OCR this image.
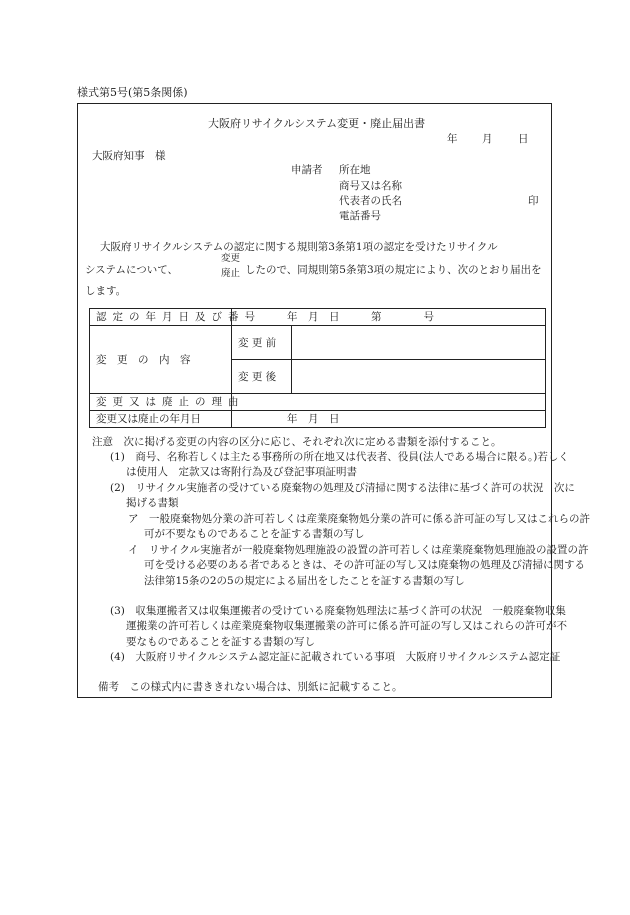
様式第5号(第5条関係)
大阪府リサイクルシステム変更・廃止届出書
年 月 日
大阪府知事　様
申請者 所在地
商号又は名称
代表者の氏名	印
電話番号
大阪府リサイクルシステムの認定に関する規則第3条第1項の認定を受けたリサイクル
システムについて、
変更
廃止 したので、同規則第5条第3項の規定により、次のとおり届出を
します。
認定の年月日及び番号	年　月　日　　　第　　　　号	
変　更　の　内　容	変 更 前	
	変 更 後	
変更又は廃止の理由		
変更又は廃止の年月日	年　月　日	
注意　次に掲げる変更の内容の区分に応じ、それぞれ次に定める書類を添付すること。
(1)　商号、名称若しくは主たる事務所の所在地又は代表者、役員(法人である場合に限る。)若しくは使用人　定款又は寄附行為及び登記事項証明書
(2)　リサイクル実施者の受けている廃棄物の処理及び清掃に関する法律に基づく許可の状況　次に掲げる書類
ア　一般廃棄物処分業の許可若しくは産業廃棄物処分業の許可に係る許可証の写し又はこれらの許可が不要なものであることを証する書類の写し
イ　リサイクル実施者が一般廃棄物処理施設の設置の許可若しくは産業廃棄物処理施設の設置の許可を受ける必要のある者であるときは、その許可証の写し又は廃棄物の処理及び清掃に関する法律第15条の2の5の規定による届出をしたことを証する書類の写し
(3)　収集運搬者又は収集運搬者の受けている廃棄物処理法に基づく許可の状況　一般廃棄物収集運搬業の許可若しくは産業廃棄物収集運搬業の許可に係る許可証の写し又はこれらの許可が不要なものであることを証する書類の写し
(4)　大阪府リサイクルシステム認定証に記載されている事項　大阪府リサイクルシステム認定証
備考　この様式内に書ききれない場合は、別紙に記載すること。
